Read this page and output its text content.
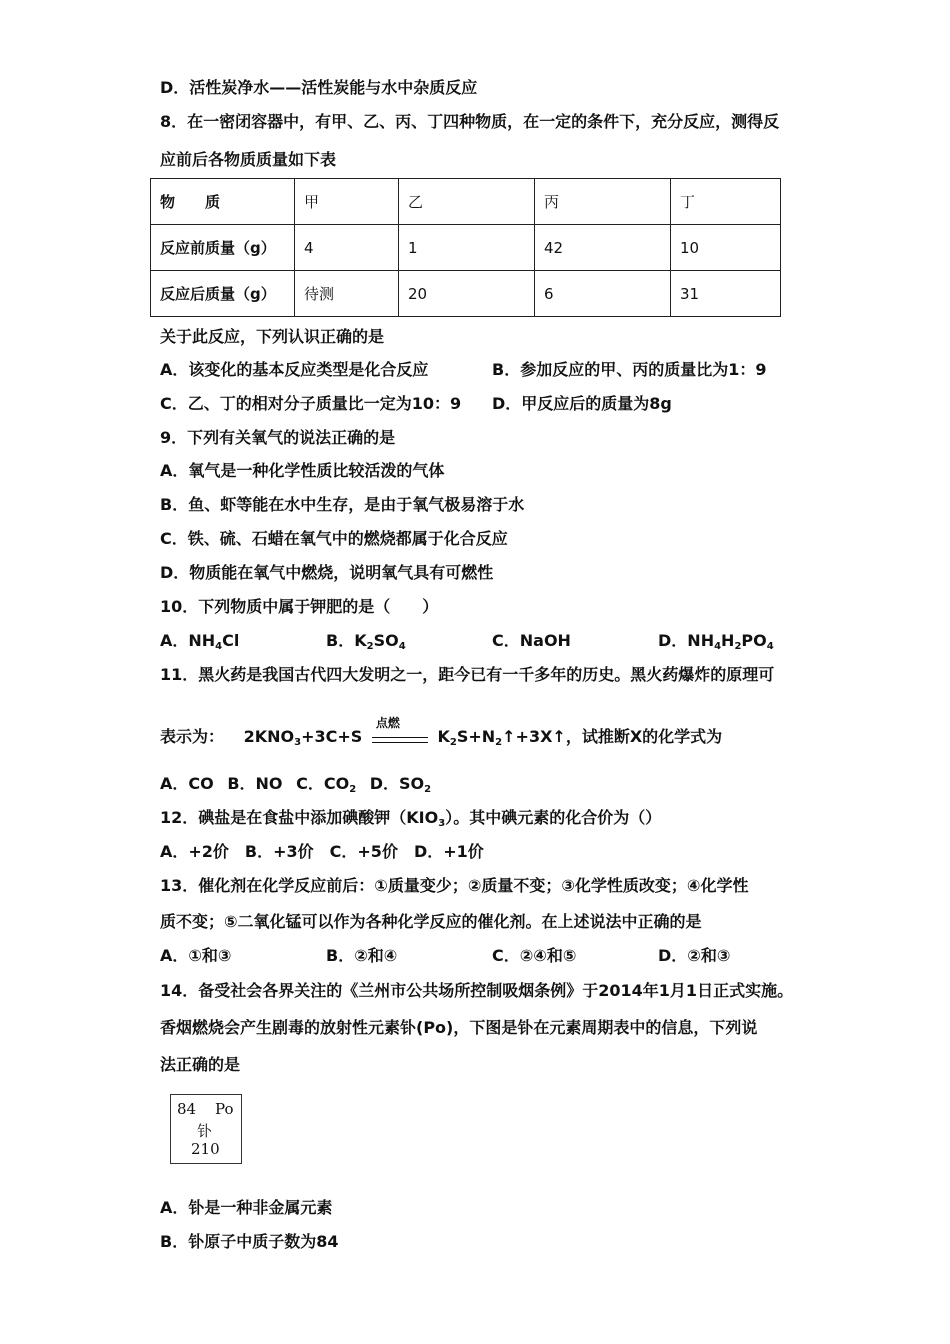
D．活性炭净水——活性炭能与水中杂质反应
8．在一密闭容器中，有甲、乙、丙、丁四种物质，在一定的条件下，充分反应，测得反
应前后各物质质量如下表
物　　质	甲	乙	丙	丁
反应前质量（g）	4	1	42	10
反应后质量（g）	待测	20	6	31
关于此反应，下列认识正确的是
A．该变化的基本反应类型是化合反应	B．参加反应的甲、丙的质量比为1：9
C．乙、丁的相对分子质量比一定为10：9 D．甲反应后的质量为8g
9．下列有关氧气的说法正确的是
A．氧气是一种化学性质比较活泼的气体
B．鱼、虾等能在水中生存，是由于氧气极易溶于水
C．铁、硫、石蜡在氧气中的燃烧都属于化合反应
D．物质能在氧气中燃烧，说明氧气具有可燃性
10．下列物质中属于钾肥的是（　　）
A．$NH_4Cl$	B．$K_2SO_4$	C．NaOH	D．$NH_4H_2PO_4$
11．黑火药是我国古代四大发明之一，距今已有一千多年的历史。黑火药爆炸的原理可
表示为： $2KNO_3+3C+S$
点燃
$K_2S+N_2↑+3X↑$，试推断X的化学式为
A．CO B．NO C．$CO_2$ D．$SO_2$
12．碘盐是在食盐中添加碘酸钾$(KIO_3)$。其中碘元素的化合价为（）
A．+2价　B．+3价　C．+5价　D．+1价
13．催化剂在化学反应前后：①质量变少；②质量不变；③化学性质改变；④化学性
质不变；⑤二氧化锰可以作为各种化学反应的催化剂。在上述说法中正确的是
A．①和③	B．②和④	C．②④和⑤	D．②和③
14．备受社会各界关注的《兰州市公共场所控制吸烟条例》于2014年1月1日正式实施。
香烟燃烧会产生剧毒的放射性元素钋(Po)，下图是钋在元素周期表中的信息，下列说
法正确的是
84 Po
钋
210
A．钋是一种非金属元素
B．钋原子中质子数为84
